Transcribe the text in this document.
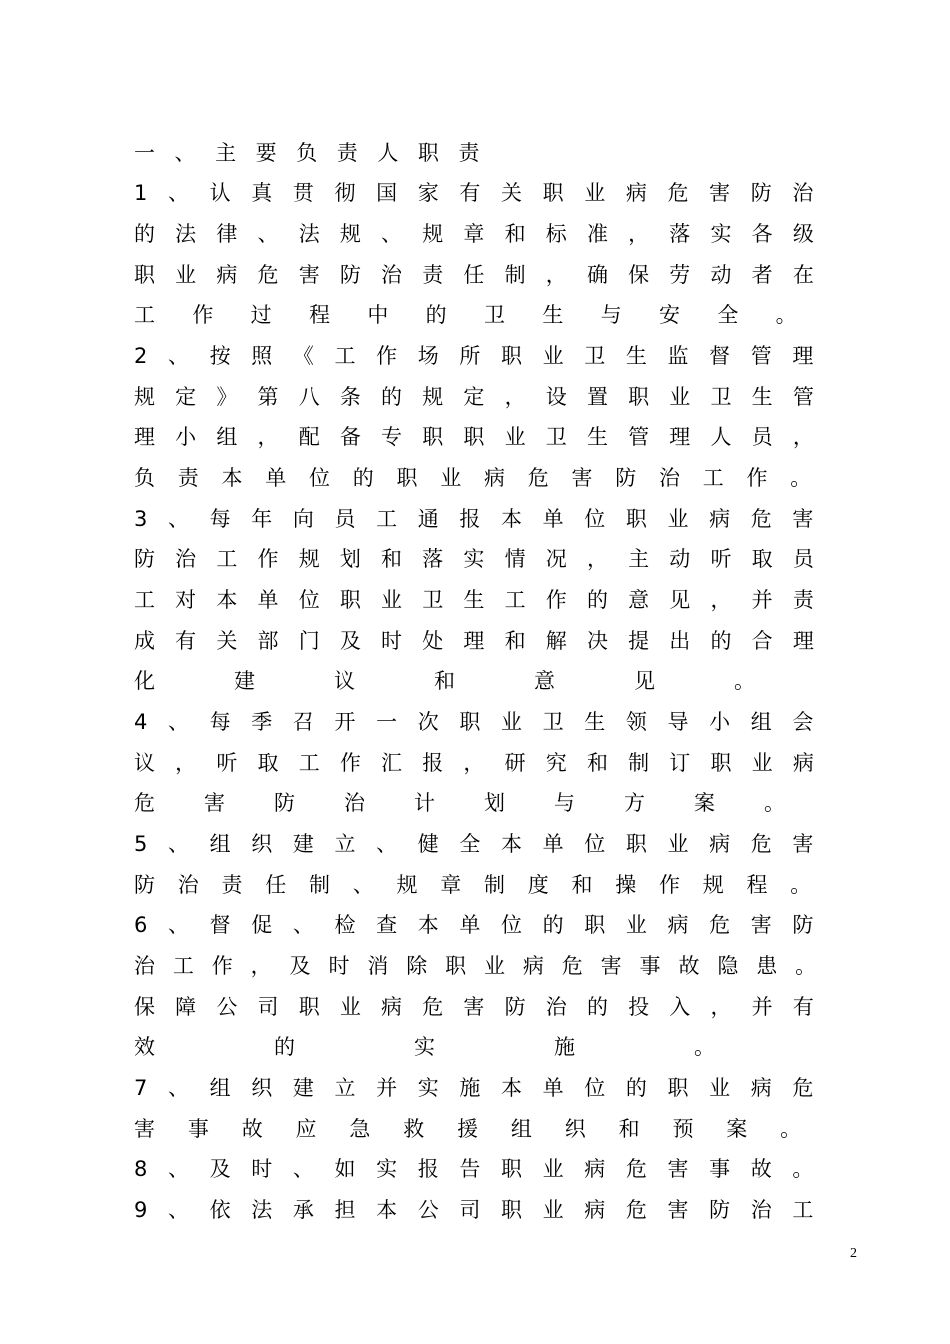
一、主要负责人职责
1、认真贯彻国家有关职业病危害防治
的法律、法规、规章和标准，落实各级
职业病危害防治责任制，确保劳动者在
工作过程中的卫生与安全。
2、按照《工作场所职业卫生监督管理
规定》第八条的规定，设置职业卫生管
理小组，配备专职职业卫生管理人员，
负责本单位的职业病危害防治工作。
3、每年向员工通报本单位职业病危害
防治工作规划和落实情况，主动听取员
工对本单位职业卫生工作的意见，并责
成有关部门及时处理和解决提出的合理
化建议和意见。
4、每季召开一次职业卫生领导小组会
议，听取工作汇报，研究和制订职业病
危害防治计划与方案。
5、组织建立、健全本单位职业病危害
防治责任制、规章制度和操作规程。
6、督促、检查本单位的职业病危害防
治工作，及时消除职业病危害事故隐患。
保障公司职业病危害防治的投入，并有
效的实施。
7、组织建立并实施本单位的职业病危
害事故应急救援组织和预案。
8、及时、如实报告职业病危害事故。
9、依法承担本公司职业病危害防治工
2
